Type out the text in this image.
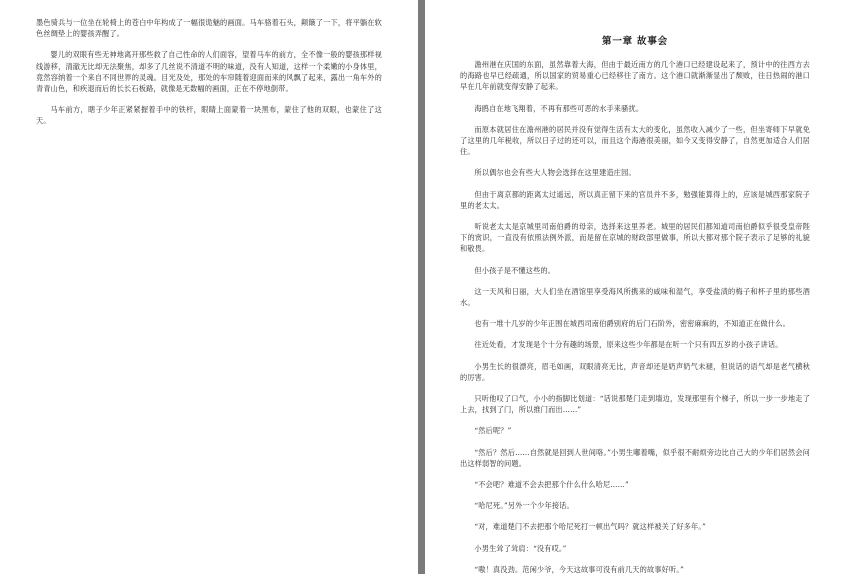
墨色骑兵与一位坐在轮椅上的苍白中年构成了一幅很诡魅的画面。马车骆着石头，颠簸了一下，将平躺在软色丝绸垫上的婴孩弄醒了。

婴儿的双眼有些无神地离开那些救了自己性命的人们面容，望着马车的前方，全不像一般的婴孩那样视线游移，清澈无比却无法聚焦，却多了几丝说不清道不明的味道，没有人知道，这样一个柔嫩的小身体里，竟然容纳着一个来自不同世界的灵魂。目光及处，那处的车帘随着迎面而来的风飘了起来，露出一角车外的青青山色，和疾退而后的长长石板路，就像是无数幅的画面，正在不停地倒带。

马车前方，瞎子少年正紧紧握着手中的铁杆，眼睛上面蒙着一块黑布，蒙住了他的双眼，也蒙住了这天。

第一章 故事会

澹州港在庆国的东面，虽然靠着大海，但由于最近南方的几个港口已经建设起来了，预计中的往西方去的海路也早已经疏通，所以国家的贸易重心已经移往了南方。这个港口就渐渐显出了颓败，往日热闹的港口早在几年前就变得安静了起来。

海鸥自在地飞翔着，不再有那些可恶的水手来骚扰。

而原本就居住在澹州港的居民并没有觉得生活有太大的变化，虽然收入减少了一些，但坐寄师下早就免了这里的几年税收，所以日子过的还可以，而且这个海港很美丽，如今又变得安静了，自然更加适合人们居住。

所以偶尔也会有些大人物会选择在这里建造庄园。

但由于离京都的距离太过遥远，所以真正留下来的官员并不多，勉强能算得上的，应该是城西那家院子里的老太太。

听说老太太是京城里司南伯爵的母亲，选择来这里养老。城里的居民们都知道司南伯爵似乎很受皇帝陛下的赏识，一直没有依照法例外派，而是留在京城的财政部里做事，所以大都对那个院子表示了足够的礼貌和敬畏。

但小孩子是不懂这些的。

这一天风和日丽，大人们坐在酒馆里享受海风所携来的咸味和湿气，享受盐渍的梅子和杯子里的那些酒水。

也有一堆十几岁的少年正围在城西司南伯爵别府的后门石阶外，密密麻麻的，不知道正在做什么。

往近处看，才发现是个十分有趣的场景，原来这些少年都是在听一个只有四五岁的小孩子讲话。

小男生长的很漂亮，眉毛如画，双眼清亮无比，声音却还是奶声奶气未褪，但说话的语气却是老气横秋的厉害。

只听他叹了口气，小小的指脚比划道：“话说那楚门走到墙边，发现那里有个梯子，所以一步一步地走了上去，找到了门，所以推门而出……”

“然后呢？”

“然后？然后……自然就是回到人世间咯。”小男生嘟着嘴，似乎很不耐烦旁边比自己大的少年们居然会问出这样弱智的问题。

“不会吧？难道不会去把那个什么什么哈尼……”

“哈尼死。”另外一个少年接话。

“对，难道楚门不去把那个哈尼死打一顿出气吗？就这样被关了好多年。”

小男生耸了耸肩：“没有哎。”

“嗷！真没劲。范闲少爷，今天这故事可没有前几天的故事好听。”
